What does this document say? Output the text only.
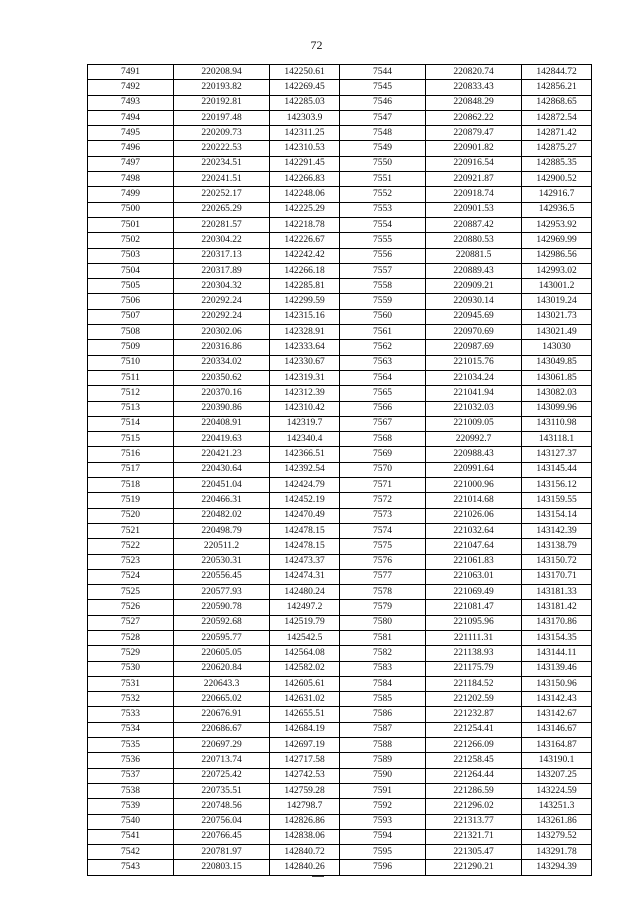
72
7491	220208.94	142250.61	7544	220820.74	142844.72
7492	220193.82	142269.45	7545	220833.43	142856.21
7493	220192.81	142285.03	7546	220848.29	142868.65
7494	220197.48	142303.9	7547	220862.22	142872.54
7495	220209.73	142311.25	7548	220879.47	142871.42
7496	220222.53	142310.53	7549	220901.82	142875.27
7497	220234.51	142291.45	7550	220916.54	142885.35
7498	220241.51	142266.83	7551	220921.87	142900.52
7499	220252.17	142248.06	7552	220918.74	142916.7
7500	220265.29	142225.29	7553	220901.53	142936.5
7501	220281.57	142218.78	7554	220887.42	142953.92
7502	220304.22	142226.67	7555	220880.53	142969.99
7503	220317.13	142242.42	7556	220881.5	142986.56
7504	220317.89	142266.18	7557	220889.43	142993.02
7505	220304.32	142285.81	7558	220909.21	143001.2
7506	220292.24	142299.59	7559	220930.14	143019.24
7507	220292.24	142315.16	7560	220945.69	143021.73
7508	220302.06	142328.91	7561	220970.69	143021.49
7509	220316.86	142333.64	7562	220987.69	143030
7510	220334.02	142330.67	7563	221015.76	143049.85
7511	220350.62	142319.31	7564	221034.24	143061.85
7512	220370.16	142312.39	7565	221041.94	143082.03
7513	220390.86	142310.42	7566	221032.03	143099.96
7514	220408.91	142319.7	7567	221009.05	143110.98
7515	220419.63	142340.4	7568	220992.7	143118.1
7516	220421.23	142366.51	7569	220988.43	143127.37
7517	220430.64	142392.54	7570	220991.64	143145.44
7518	220451.04	142424.79	7571	221000.96	143156.12
7519	220466.31	142452.19	7572	221014.68	143159.55
7520	220482.02	142470.49	7573	221026.06	143154.14
7521	220498.79	142478.15	7574	221032.64	143142.39
7522	220511.2	142478.15	7575	221047.64	143138.79
7523	220530.31	142473.37	7576	221061.83	143150.72
7524	220556.45	142474.31	7577	221063.01	143170.71
7525	220577.93	142480.24	7578	221069.49	143181.33
7526	220590.78	142497.2	7579	221081.47	143181.42
7527	220592.68	142519.79	7580	221095.96	143170.86
7528	220595.77	142542.5	7581	221111.31	143154.35
7529	220605.05	142564.08	7582	221138.93	143144.11
7530	220620.84	142582.02	7583	221175.79	143139.46
7531	220643.3	142605.61	7584	221184.52	143150.96
7532	220665.02	142631.02	7585	221202.59	143142.43
7533	220676.91	142655.51	7586	221232.87	143142.67
7534	220686.67	142684.19	7587	221254.41	143146.67
7535	220697.29	142697.19	7588	221266.09	143164.87
7536	220713.74	142717.58	7589	221258.45	143190.1
7537	220725.42	142742.53	7590	221264.44	143207.25
7538	220735.51	142759.28	7591	221286.59	143224.59
7539	220748.56	142798.7	7592	221296.02	143251.3
7540	220756.04	142826.86	7593	221313.77	143261.86
7541	220766.45	142838.06	7594	221321.71	143279.52
7542	220781.97	142840.72	7595	221305.47	143291.78
7543	220803.15	142840.26	7596	221290.21	143294.39
